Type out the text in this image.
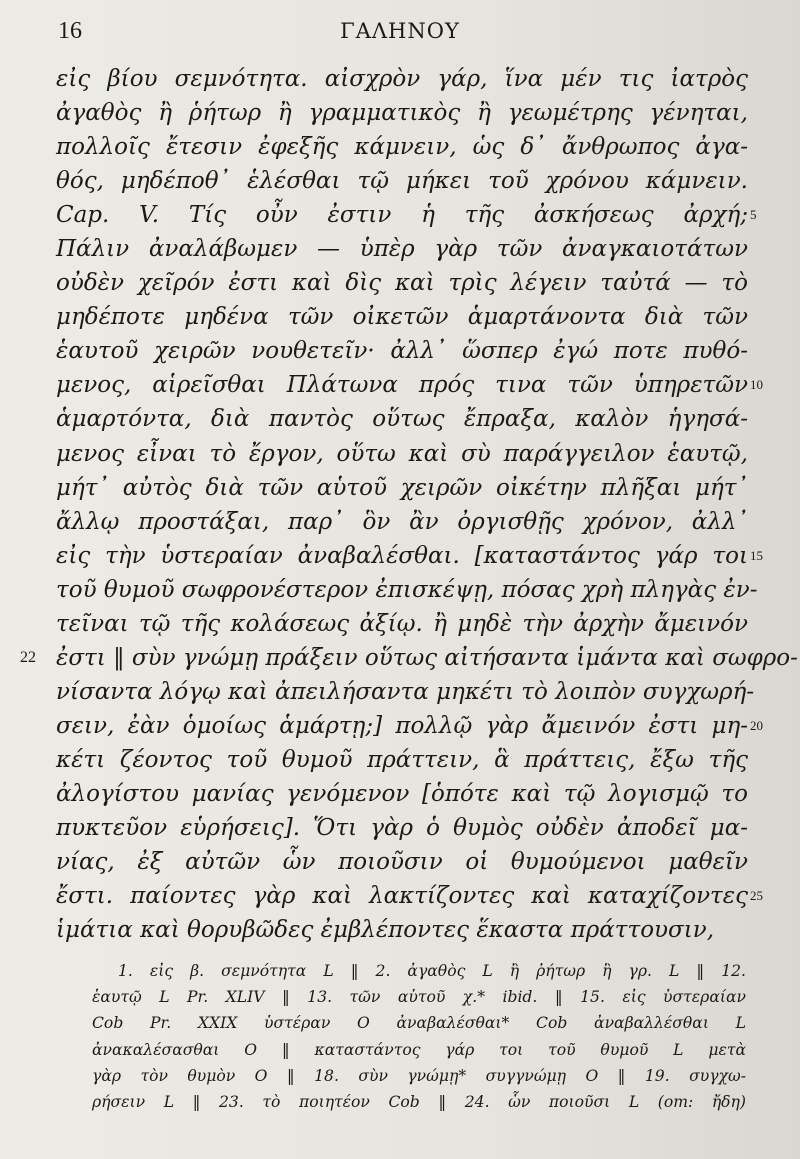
16	ΓΑΛΗΝΟΥ
εἰς βίου σεμνότητα. αἰσχρὸν γάρ, ἵνα μέν τις ἰατρὸς
ἀγαθὸς ἢ ῥήτωρ ἢ γραμματικὸς ἢ γεωμέτρης γένηται,
πολλοῖς ἔτεσιν ἐφεξῆς κάμνειν, ὡς δ᾽ ἄνθρωπος ἀγα-
θός, μηδέποθ᾽ ἑλέσθαι τῷ μήκει τοῦ χρόνου κάμνειν.
Cap. V. Τίς οὖν ἐστιν ἡ τῆς ἀσκήσεως ἀρχή; 5
Πάλιν ἀναλάβωμεν — ὑπὲρ γὰρ τῶν ἀναγκαιοτάτων
οὐδὲν χεῖρόν ἐστι καὶ δὶς καὶ τρὶς λέγειν ταὐτά — τὸ
μηδέποτε μηδένα τῶν οἰκετῶν ἁμαρτάνοντα διὰ τῶν
ἑαυτοῦ χειρῶν νουθετεῖν· ἀλλ᾽ ὥσπερ ἐγώ ποτε πυθό-
μενος, αἱρεῖσθαι Πλάτωνα πρός τινα τῶν ὑπηρετῶν 10
ἁμαρτόντα, διὰ παντὸς οὕτως ἔπραξα, καλὸν ἡγησά-
μενος εἶναι τὸ ἔργον, οὕτω καὶ σὺ παράγγειλον ἑαυτῷ,
μήτ᾽ αὐτὸς διὰ τῶν αὑτοῦ χειρῶν οἰκέτην πλῆξαι μήτ᾽
ἄλλῳ προστάξαι, παρ᾽ ὃν ἂν ὀργισθῇς χρόνον, ἀλλ᾽
εἰς τὴν ὑστεραίαν ἀναβαλέσθαι. [καταστάντος γάρ τοι 15
τοῦ θυμοῦ σωφρονέστερον ἐπισκέψῃ, πόσας χρὴ πληγὰς ἐν-
τεῖναι τῷ τῆς κολάσεως ἀξίῳ. ἢ μηδὲ τὴν ἀρχὴν ἄμεινόν
22 ἐστι ‖ σὺν γνώμῃ πράξειν οὕτως αἰτήσαντα ἱμάντα καὶ σωφρο-
νίσαντα λόγῳ καὶ ἀπειλήσαντα μηκέτι τὸ λοιπὸν συγχωρή-
σειν, ἐὰν ὁμοίως ἁμάρτῃ;] πολλῷ γὰρ ἄμεινόν ἐστι μη- 20
κέτι ζέοντος τοῦ θυμοῦ πράττειν, ἃ πράττεις, ἔξω τῆς
ἀλογίστου μανίας γενόμενον [ὁπότε καὶ τῷ λογισμῷ το
πυκτεῦον εὑρήσεις]. Ὅτι γὰρ ὁ θυμὸς οὐδὲν ἀποδεῖ μα-
νίας, ἐξ αὐτῶν ὧν ποιοῦσιν οἱ θυμούμενοι μαθεῖν
ἔστι. παίοντες γὰρ καὶ λακτίζοντες καὶ καταχίζοντες 25
ἱμάτια καὶ θορυβῶδες ἐμβλέποντες ἕκαστα πράττουσιν,
1. εἰς β. σεμνότητα L ‖ 2. ἀγαθὸς L ἢ ῥήτωρ ἢ γρ. L ‖ 12.
ἑαυτῷ L Pr. XLIV ‖ 13. τῶν αὑτοῦ χ.* ibid. ‖ 15. εἰς ὑστεραίαν
Cob Pr. XXIX ὑστέραν O ἀναβαλέσθαι* Cob ἀναβαλλέσθαι L
ἀνακαλέσασθαι O ‖ καταστάντος γάρ τοι τοῦ θυμοῦ L μετὰ
γὰρ τὸν θυμὸν O ‖ 18. σὺν γνώμῃ* συγγνώμῃ O ‖ 19. συγχω-
ρήσειν L ‖ 23. τὸ ποιητέον Cob ‖ 24. ὧν ποιοῦσι L (om: ἤδη)
